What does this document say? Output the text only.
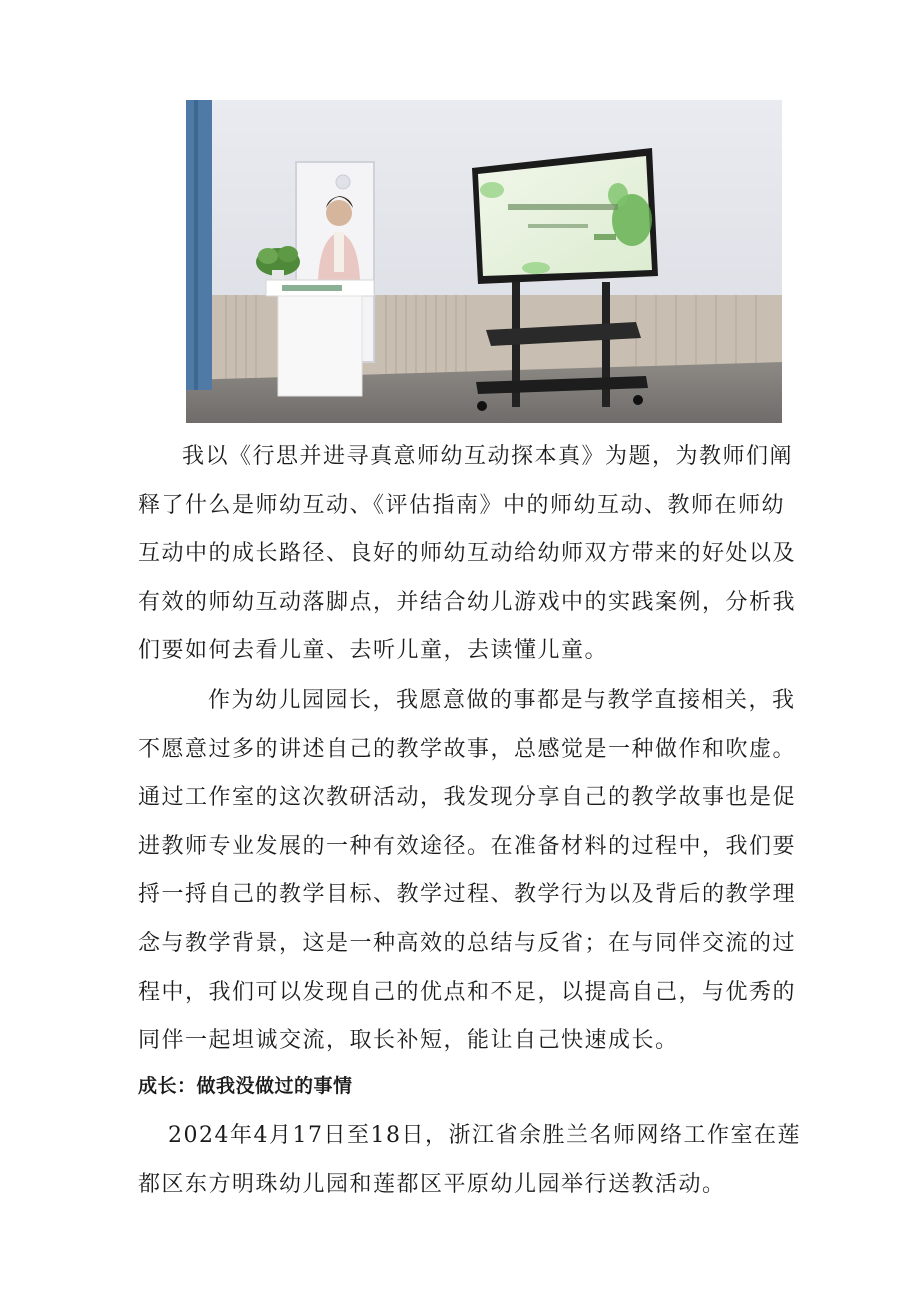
我以《行思并进寻真意师幼互动探本真》为题，为教师们阐
释了什么是师幼互动、《评估指南》中的师幼互动、教师在师幼
互动中的成长路径、良好的师幼互动给幼师双方带来的好处以及
有效的师幼互动落脚点，并结合幼儿游戏中的实践案例，分析我
们要如何去看儿童、去听儿童，去读懂儿童。

作为幼儿园园长，我愿意做的事都是与教学直接相关，我
不愿意过多的讲述自己的教学故事，总感觉是一种做作和吹虚。
通过工作室的这次教研活动，我发现分享自己的教学故事也是促
进教师专业发展的一种有效途径。在准备材料的过程中，我们要
捋一捋自己的教学目标、教学过程、教学行为以及背后的教学理
念与教学背景，这是一种高效的总结与反省；在与同伴交流的过
程中，我们可以发现自己的优点和不足，以提高自己，与优秀的
同伴一起坦诚交流，取长补短，能让自己快速成长。

成长：做我没做过的事情

2024年4月17日至18日，浙江省余胜兰名师网络工作室在莲
都区东方明珠幼儿园和莲都区平原幼儿园举行送教活动。
